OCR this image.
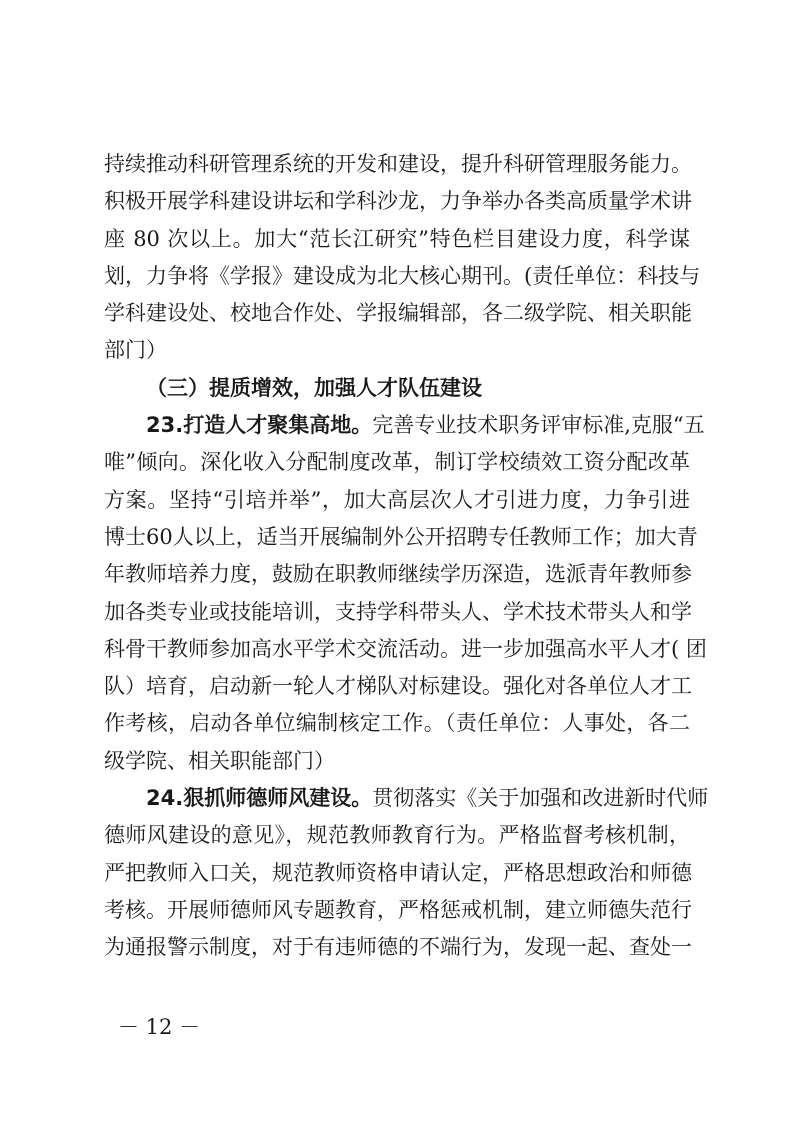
持续推动科研管理系统的开发和建设，提升科研管理服务能力。
积极开展学科建设讲坛和学科沙龙，力争举办各类高质量学术讲
座 80 次以上。加大“范长江研究”特色栏目建设力度，科学谋
划，力争将《学报》建设成为北大核心期刊。(责任单位：科技与
学科建设处、校地合作处、学报编辑部，各二级学院、相关职能
部门）
（三）提质增效，加强人才队伍建设
23.打造人才聚集高地。完善专业技术职务评审标准,克服“五
唯”倾向。深化收入分配制度改革，制订学校绩效工资分配改革
方案。坚持“引培并举”，加大高层次人才引进力度，力争引进
博士60人以上，适当开展编制外公开招聘专任教师工作；加大青
年教师培养力度，鼓励在职教师继续学历深造，选派青年教师参
加各类专业或技能培训，支持学科带头人、学术技术带头人和学
科骨干教师参加高水平学术交流活动。进一步加强高水平人才( 团
队）培育，启动新一轮人才梯队对标建设。强化对各单位人才工
作考核，启动各单位编制核定工作。（责任单位：人事处，各二
级学院、相关职能部门）
24.狠抓师德师风建设。贯彻落实《关于加强和改进新时代师
德师风建设的意见》，规范教师教育行为。严格监督考核机制，
严把教师入口关，规范教师资格申请认定，严格思想政治和师德
考核。开展师德师风专题教育，严格惩戒机制，建立师德失范行
为通报警示制度，对于有违师德的不端行为，发现一起、查处一
－ 12 －
